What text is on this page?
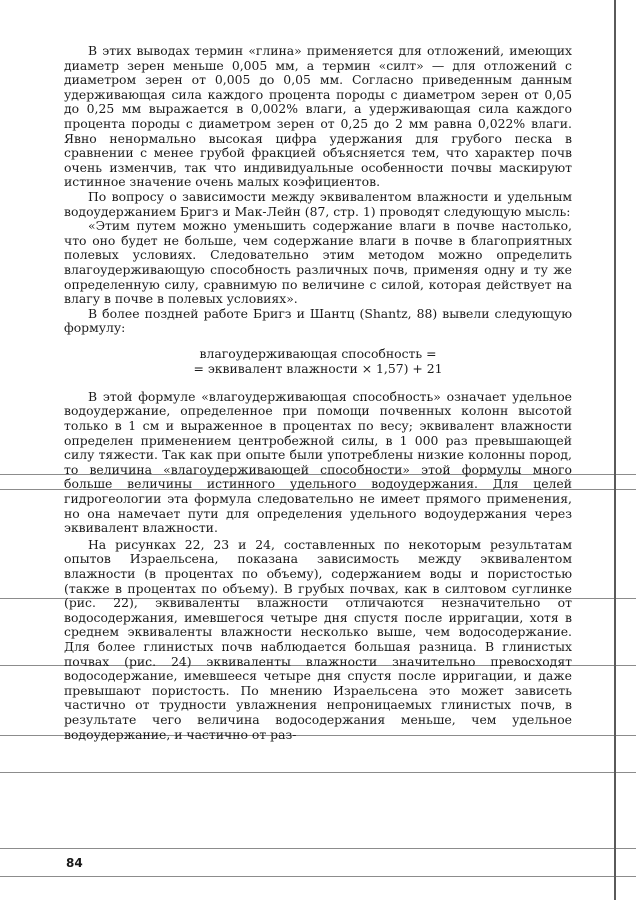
В этих выводах термин «глина» применяется для отложений, имеющих диаметр зерен меньше 0,005 мм, а термин «силт» — для отложений с диаметром зерен от 0,005 до 0,05 мм. Согласно приведенным данным удерживающая сила каждого процента породы с диаметром зерен от 0,05 до 0,25 мм выражается в 0,002% влаги, а удерживающая сила каждого процента породы с диаметром зерен от 0,25 до 2 мм равна 0,022% влаги. Явно ненормально высокая цифра удержания для грубого песка в сравнении с менее грубой фракцией объясняется тем, что характер почв очень изменчив, так что индивидуальные особенности почвы маскируют истинное значение очень малых коэфициентов.

По вопросу о зависимости между эквивалентом влажности и удельным водоудержанием Бригз и Мак-Лейн (87, стр. 1) проводят следующую мысль:

«Этим путем можно уменьшить содержание влаги в почве настолько, что оно будет не больше, чем содержание влаги в почве в благоприятных полевых условиях. Следовательно этим методом можно определить влагоудерживающую способность различных почв, применяя одну и ту же определенную силу, сравнимую по величине с силой, которая действует на влагу в почве в полевых условиях».

В более поздней работе Бригз и Шантц (Shantz, 88) вывели следующую формулу:

влагоудерживающая способность =
= эквивалент влажности × 1,57) + 21

В этой формуле «влагоудерживающая способность» означает удельное водоудержание, определенное при помощи почвенных колонн высотой только в 1 см и выраженное в процентах по весу; эквивалент влажности определен применением центробежной силы, в 1 000 раз превышающей силу тяжести. Так как при опыте были употреблены низкие колонны пород, то величина «влагоудерживающей способности» этой формулы много больше величины истинного удельного водоудержания. Для целей гидрогеологии эта формула следовательно не имеет прямого применения, но она намечает пути для определения удельного водоудержания через эквивалент влажности.

На рисунках 22, 23 и 24, составленных по некоторым результатам опытов Израельсена, показана зависимость между эквивалентом влажности (в процентах по объему), содержанием воды и пористостью (также в процентах по объему). В грубых почвах, как в силтовом суглинке (рис. 22), эквиваленты влажности отличаются незначительно от водосодержания, имевшегося четыре дня спустя после ирригации, хотя в среднем эквиваленты влажности несколько выше, чем водосодержание. Для более глинистых почв наблюдается большая разница. В глинистых почвах (рис. 24) эквиваленты влажности значительно превосходят водосодержание, имевшееся четыре дня спустя после ирригации, и даже превышают пористость. По мнению Израельсена это может зависеть частично от трудности увлажнения непроницаемых глинистых почв, в результате чего величина водосодержания меньше, чем удельное водоудержание, и частично от раз-

84
